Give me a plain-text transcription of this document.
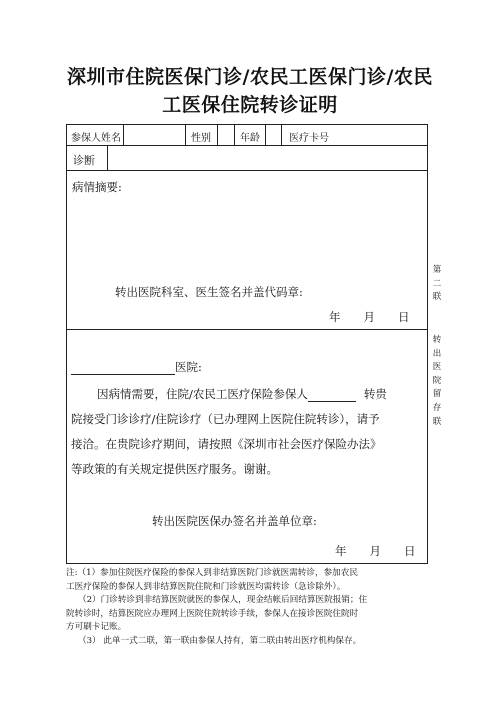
深圳市住院医保门诊/农民工医保门诊/农民
工医保住院转诊证明
参保人姓名	性别	年龄	医疗卡号
诊断
病情摘要:
转出医院科室、医生签名并盖代码章:
年　　月　　日
医院:
因病情需要，住院/农民工医疗保险参保人	转贵
院接受门诊诊疗/住院诊疗（已办理网上医院住院转诊），请予
接洽。在贵院诊疗期间，请按照《深圳市社会医疗保险办法》
等政策的有关规定提供医疗服务。谢谢。
转出医院医保办签名并盖单位章:
年　　月　　日
第
二
联
转
出
医
院
留
存
联
注:（1）参加住院医疗保险的参保人到非结算医院门诊就医需转诊，参加农民
工医疗保险的参保人到非结算医院住院和门诊就医均需转诊（急诊除外）。
（2）门诊转诊到非结算医院就医的参保人，现金结帐后回结算医院报销；住
院转诊时，结算医院应办理网上医院住院转诊手续，参保人在接诊医院住院时
方可刷卡记账。
（3） 此单一式二联，第一联由参保人持有，第二联由转出医疗机构保存。
